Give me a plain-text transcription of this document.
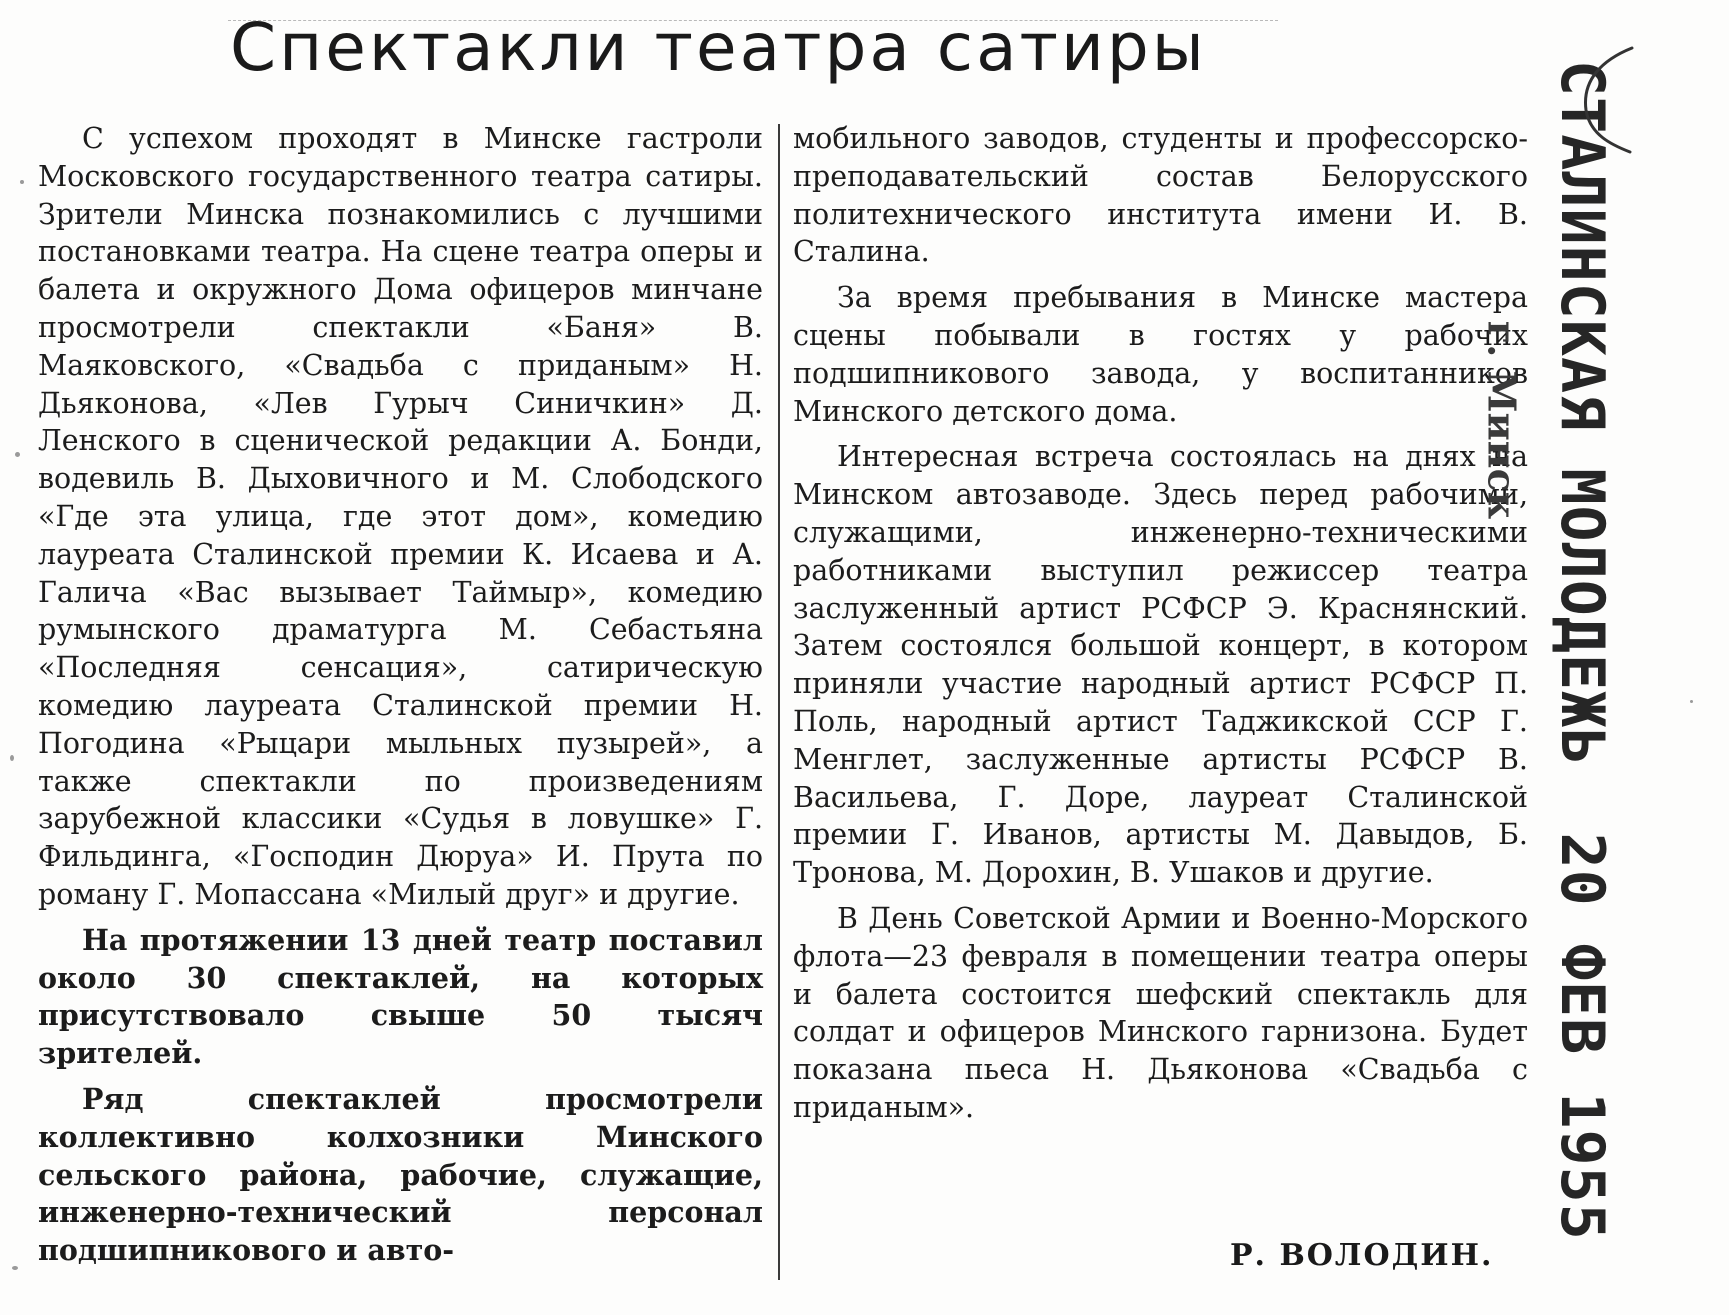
Спектакли театра сатиры

С успехом проходят в Минске гастроли Московского государственного театра сатиры. Зрители Минска познакомились с лучшими постановками театра. На сцене театра оперы и балета и окружного Дома офицеров минчане просмотрели спектакли «Баня» В. Маяковского, «Свадьба с приданым» Н. Дьяконова, «Лев Гурыч Синичкин» Д. Ленского в сценической редакции А. Бонди, водевиль В. Дыховичного и М. Слободского «Где эта улица, где этот дом», комедию лауреата Сталинской премии К. Исаева и А. Галича «Вас вызывает Таймыр», комедию румынского драматурга М. Себастьяна «Последняя сенсация», сатирическую комедию лауреата Сталинской премии Н. Погодина «Рыцари мыльных пузырей», а также спектакли по произведениям зарубежной классики «Судья в ловушке» Г. Фильдинга, «Господин Дюруа» И. Прута по роману Г. Мопассана «Милый друг» и другие.

На протяжении 13 дней театр поставил около 30 спектаклей, на которых присутствовало свыше 50 тысяч зрителей.

Ряд спектаклей просмотрели коллективно колхозники Минского сельского района, рабочие, служащие, инженерно-технический персонал подшипникового и авто-

мобильного заводов, студенты и профессорско-преподавательский состав Белорусского политехнического института имени И. В. Сталина.

За время пребывания в Минске мастера сцены побывали в гостях у рабочих подшипникового завода, у воспитанников Минского детского дома.

Интересная встреча состоялась на днях на Минском автозаводе. Здесь перед рабочими, служащими, инженерно-техническими работниками выступил режиссер театра заслуженный артист РСФСР Э. Краснянский. Затем состоялся большой концерт, в котором приняли участие народный артист РСФСР П. Поль, народный артист Таджикской ССР Г. Менглет, заслуженные артисты РСФСР В. Васильева, Г. Доре, лауреат Сталинской премии Г. Иванов, артисты М. Давыдов, Б. Тронова, М. Дорохин, В. Ушаков и другие.

В День Советской Армии и Военно-Морского флота—23 февраля в помещении театра оперы и балета состоится шефский спектакль для солдат и офицеров Минского гарнизона. Будет показана пьеса Н. Дьяконова «Свадьба с приданым».

Р. ВОЛОДИН.
СТАЛИНСКАЯ МОЛОДЕЖЬ 20 ФЕВ 1955
г. Минск
